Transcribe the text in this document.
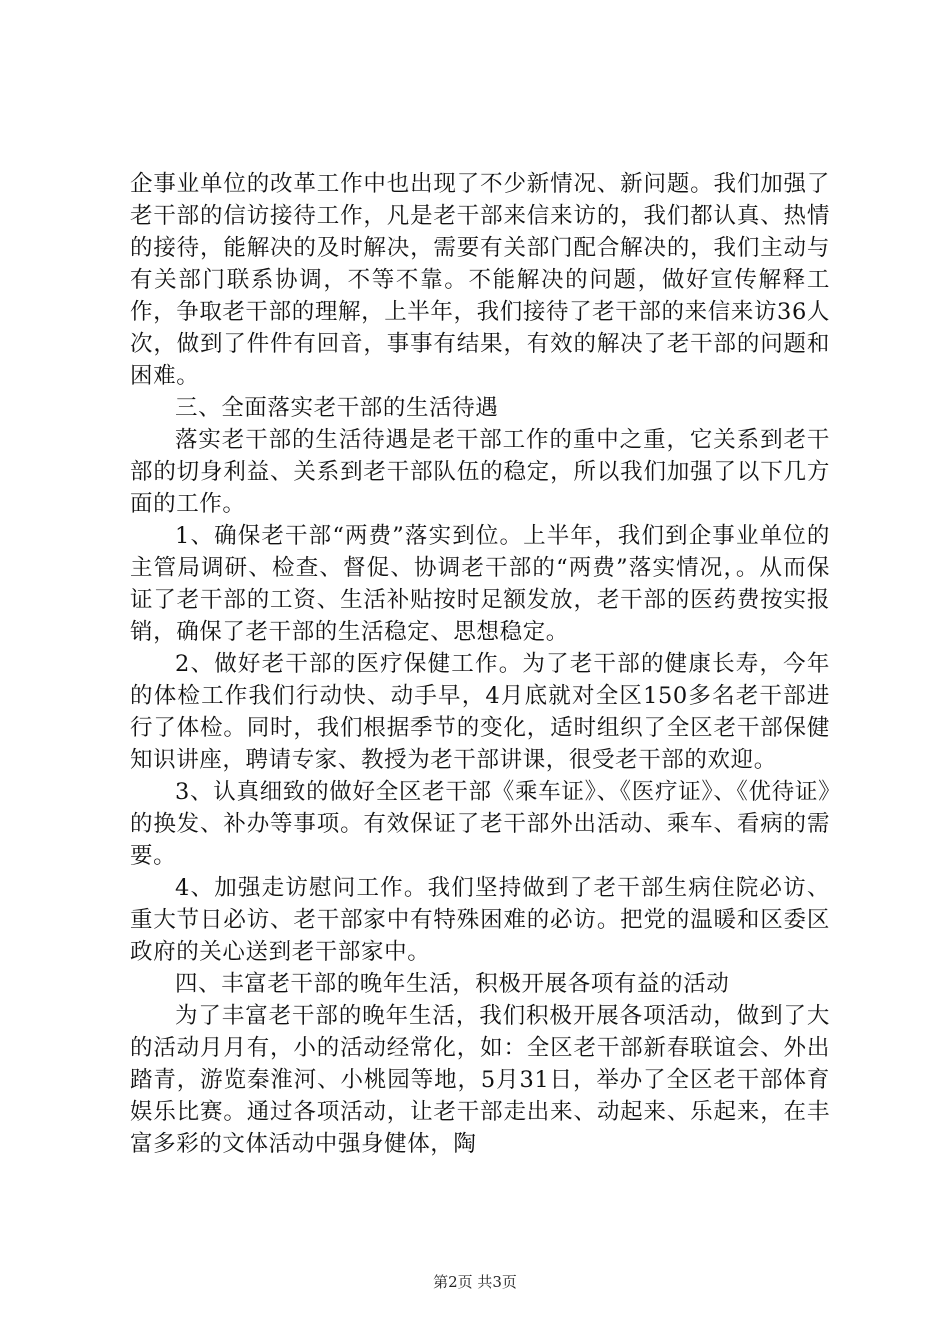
企事业单位的改革工作中也出现了不少新情况、新问题。我们加强了老干部的信访接待工作，凡是老干部来信来访的，我们都认真、热情的接待，能解决的及时解决，需要有关部门配合解决的，我们主动与有关部门联系协调，不等不靠。不能解决的问题，做好宣传解释工作，争取老干部的理解，上半年，我们接待了老干部的来信来访36人次，做到了件件有回音，事事有结果，有效的解决了老干部的问题和困难。

三、全面落实老干部的生活待遇

落实老干部的生活待遇是老干部工作的重中之重，它关系到老干部的切身利益、关系到老干部队伍的稳定，所以我们加强了以下几方面的工作。

1、确保老干部“两费”落实到位。上半年，我们到企事业单位的主管局调研、检查、督促、协调老干部的“两费”落实情况，。从而保证了老干部的工资、生活补贴按时足额发放，老干部的医药费按实报销，确保了老干部的生活稳定、思想稳定。

2、做好老干部的医疗保健工作。为了老干部的健康长寿，今年的体检工作我们行动快、动手早，4月底就对全区150多名老干部进行了体检。同时，我们根据季节的变化，适时组织了全区老干部保健知识讲座，聘请专家、教授为老干部讲课，很受老干部的欢迎。

3、认真细致的做好全区老干部《乘车证》、《医疗证》、《优待证》的换发、补办等事项。有效保证了老干部外出活动、乘车、看病的需要。

4、加强走访慰问工作。我们坚持做到了老干部生病住院必访、重大节日必访、老干部家中有特殊困难的必访。把党的温暖和区委区政府的关心送到老干部家中。

四、丰富老干部的晚年生活，积极开展各项有益的活动

为了丰富老干部的晚年生活，我们积极开展各项活动，做到了大的活动月月有，小的活动经常化，如：全区老干部新春联谊会、外出踏青，游览秦淮河、小桃园等地，5月31日，举办了全区老干部体育娱乐比赛。通过各项活动，让老干部走出来、动起来、乐起来，在丰富多彩的文体活动中强身健体，陶

第2页 共3页
